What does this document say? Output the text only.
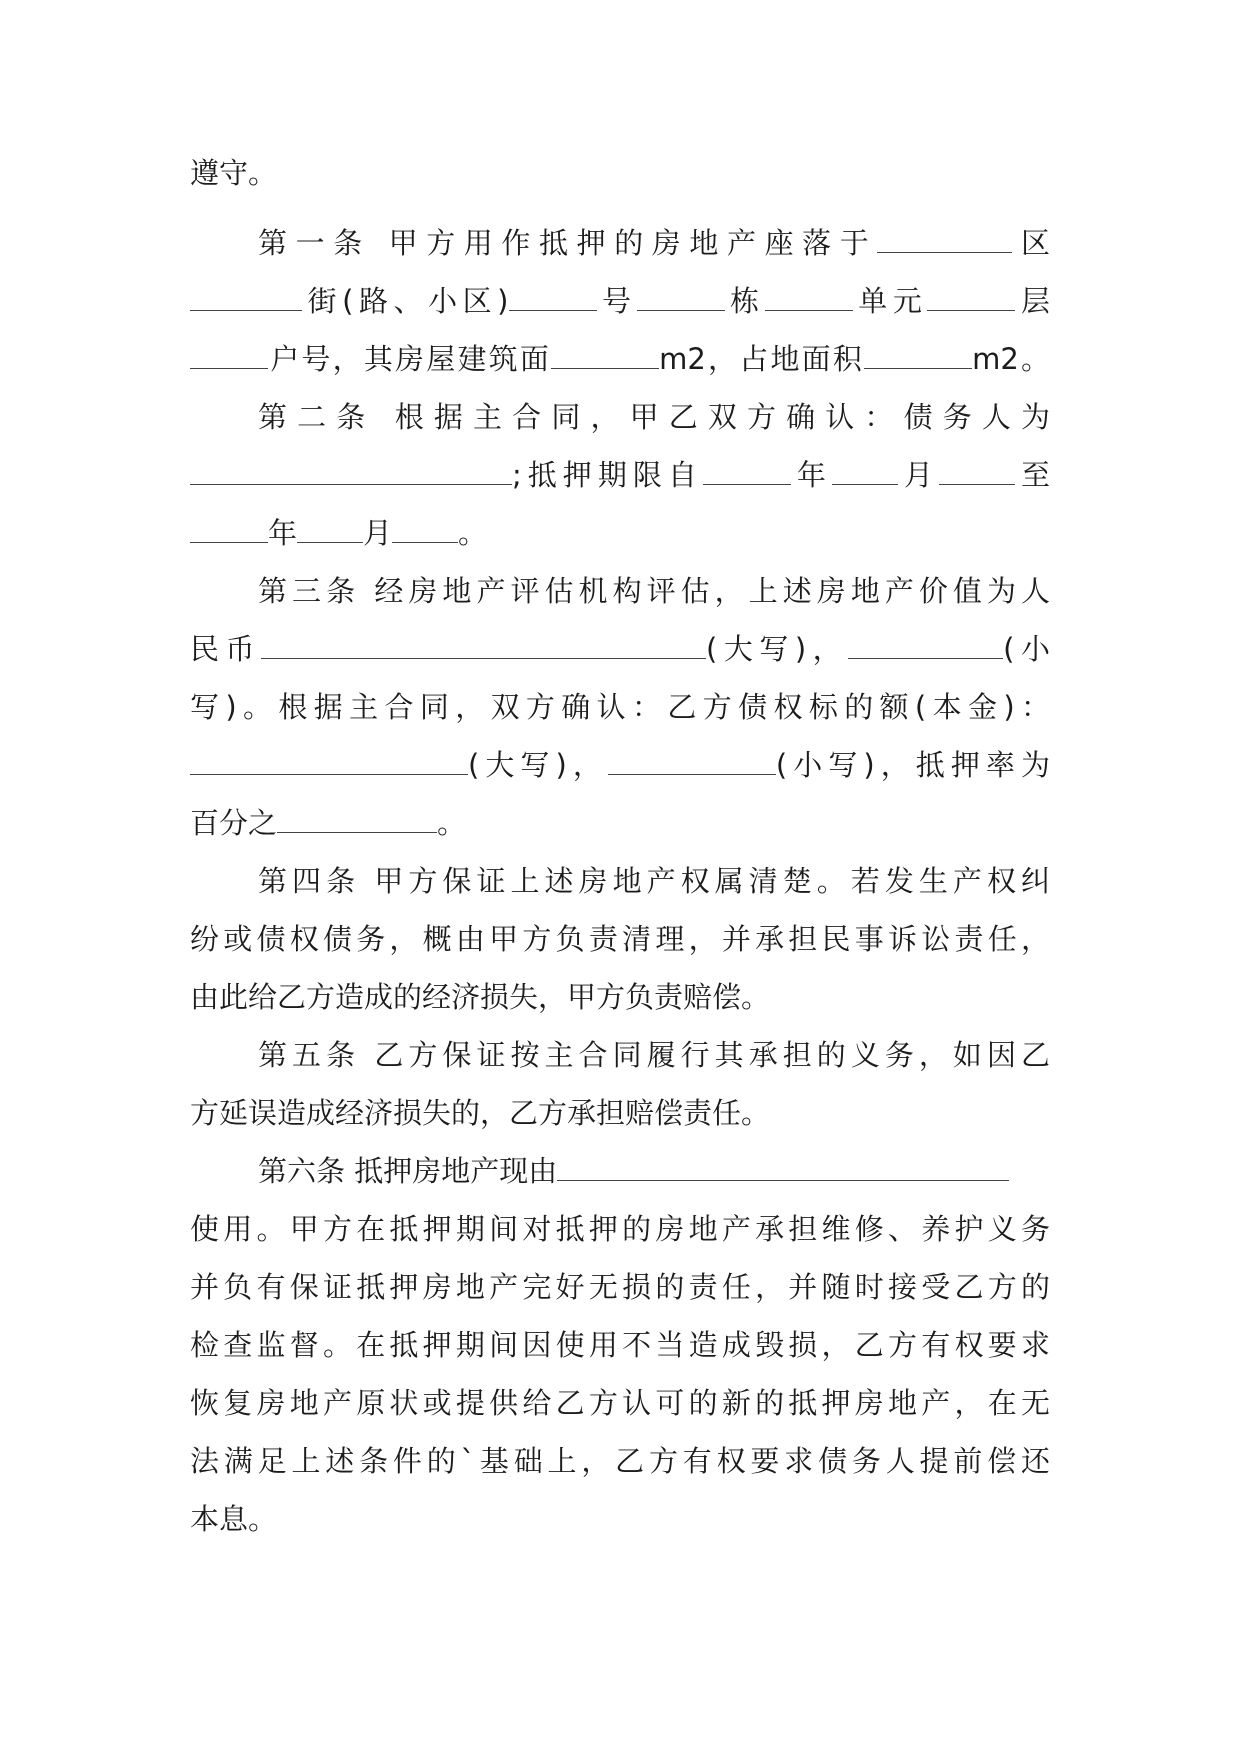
遵守。

第一条 甲方用作抵押的房地产座落于	区

街(路、小区)	号	栋	单元	层

户号，其房屋建筑面	m2，占地面积	m2。

第二条 根据主合同，甲乙双方确认：债务人为

;抵押期限自	年 月	至

年 月 。

第三条 经房地产评估机构评估，上述房地产价值为人

民币	(大写)，	(小

写)。根据主合同，双方确认：乙方债权标的额(本金)：

(大写)，	(小写)，抵押率为

百分之	。

第四条 甲方保证上述房地产权属清楚。若发生产权纠

纷或债权债务，概由甲方负责清理，并承担民事诉讼责任，

由此给乙方造成的经济损失，甲方负责赔偿。

第五条 乙方保证按主合同履行其承担的义务，如因乙

方延误造成经济损失的，乙方承担赔偿责任。

第六条 抵押房地产现由

使用。甲方在抵押期间对抵押的房地产承担维修、养护义务

并负有保证抵押房地产完好无损的责任，并随时接受乙方的

检查监督。在抵押期间因使用不当造成毁损，乙方有权要求

恢复房地产原状或提供给乙方认可的新的抵押房地产，在无

法满足上述条件的`基础上，乙方有权要求债务人提前偿还

本息。
